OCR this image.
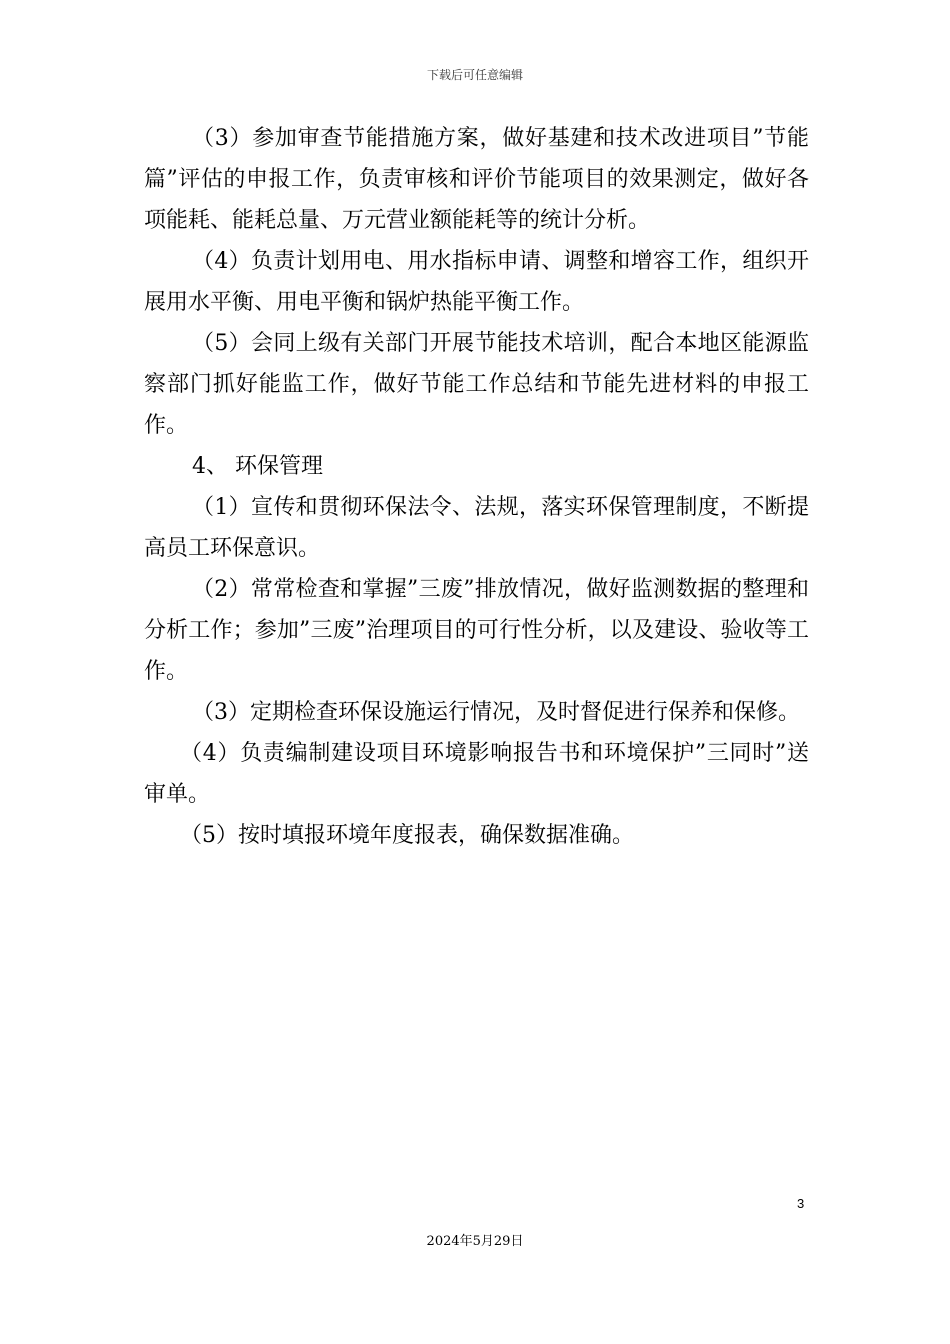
下载后可任意编辑

（3）参加审查节能措施方案，做好基建和技术改进项目”节能篇”评估的申报工作，负责审核和评价节能项目的效果测定，做好各项能耗、能耗总量、万元营业额能耗等的统计分析。

（4）负责计划用电、用水指标申请、调整和增容工作，组织开展用水平衡、用电平衡和锅炉热能平衡工作。

（5）会同上级有关部门开展节能技术培训，配合本地区能源监察部门抓好能监工作，做好节能工作总结和节能先进材料的申报工作。

4、 环保管理

（1）宣传和贯彻环保法令、法规，落实环保管理制度，不断提高员工环保意识。

（2）常常检查和掌握”三废”排放情况，做好监测数据的整理和分析工作；参加”三废”治理项目的可行性分析，以及建设、验收等工作。

（3）定期检查环保设施运行情况，及时督促进行保养和保修。

（4）负责编制建设项目环境影响报告书和环境保护”三同时”送审单。

（5）按时填报环境年度报表，确保数据准确。

3
2024年5月29日
